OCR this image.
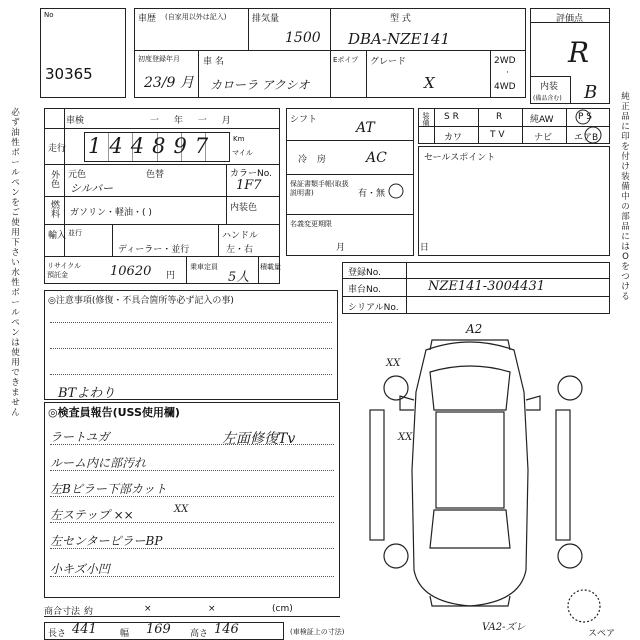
No
30365
車歴 (自家用以外は記入)	排気量
1500
型 式
DBA-NZE141
初度登録年月
23/9 月
車 名
カローラ アクシオ
Eポイプ グレード
X
2WD
·
4WD
評価点
R
内装
(備品含む) B
必ず油性ボールペンをご使用下さい水性ボールペンは使用できません
純正品に印を付け装備中の部品にはOをつける
車検	一 年 一 月
走行 144897 Km
マイル
外色 元色	色替
シルバー
カラーNo.
1F7
燃料 ガソリン・軽油・( )	内装色
輸入 並行
ディーラー・並行
ハンドル
左・右
リサイクル預託金	10620 円
乗車定員
5人
積載量
シフト	AT
冷房 AC
保証書類手帳(取扱説明書)	有・無
名義変更期限
月 日
装備 S R	R	純AW	P S
カワ	T V	ナビ エアB
セールスポイント
登録No.
車台No.	NZE141-3004431
シリアルNo.
◎注意事項(修復・不具合箇所等必ず記入の事)
BTよわり
◎検査員報告(USS使用欄)
ラートユガ
ルーム内に部汚れ
左Bピラー下部カット
左ステップ ××
左センターピラーBP
小キズ小凹
左面修復Tv
A2
XX
XX
XX
VA2-ズレ
スペア
商合寸法 約	×	×	(cm)
長さ 441	幅 169 高さ 146	(車検証上の寸法)
